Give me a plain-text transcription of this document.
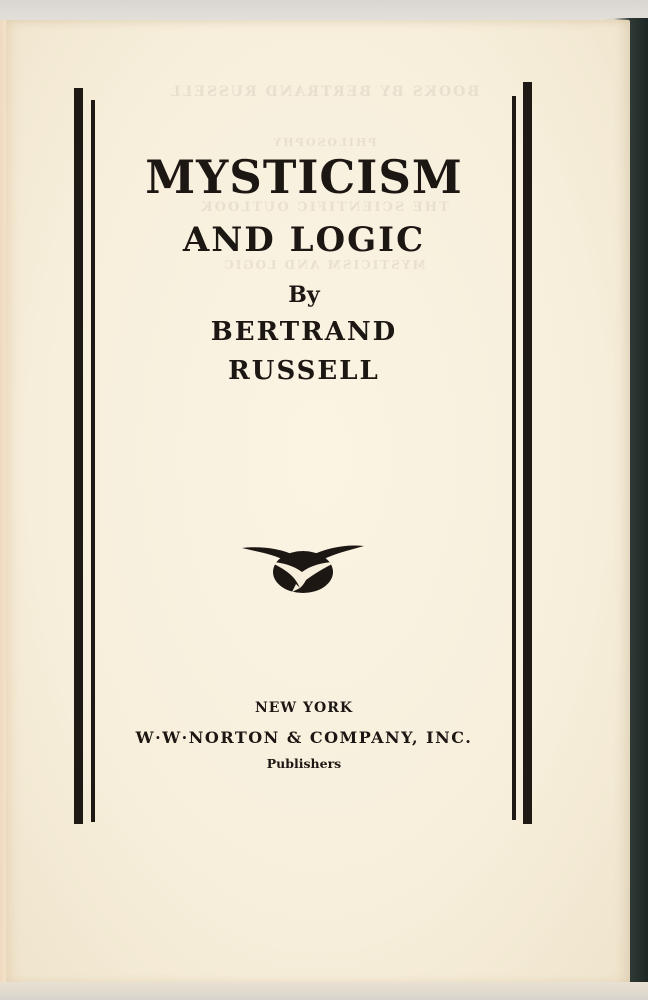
MYSTICISM
AND LOGIC
By
BERTRAND
RUSSELL
NEW YORK
W·W·NORTON & COMPANY, INC.
Publishers
